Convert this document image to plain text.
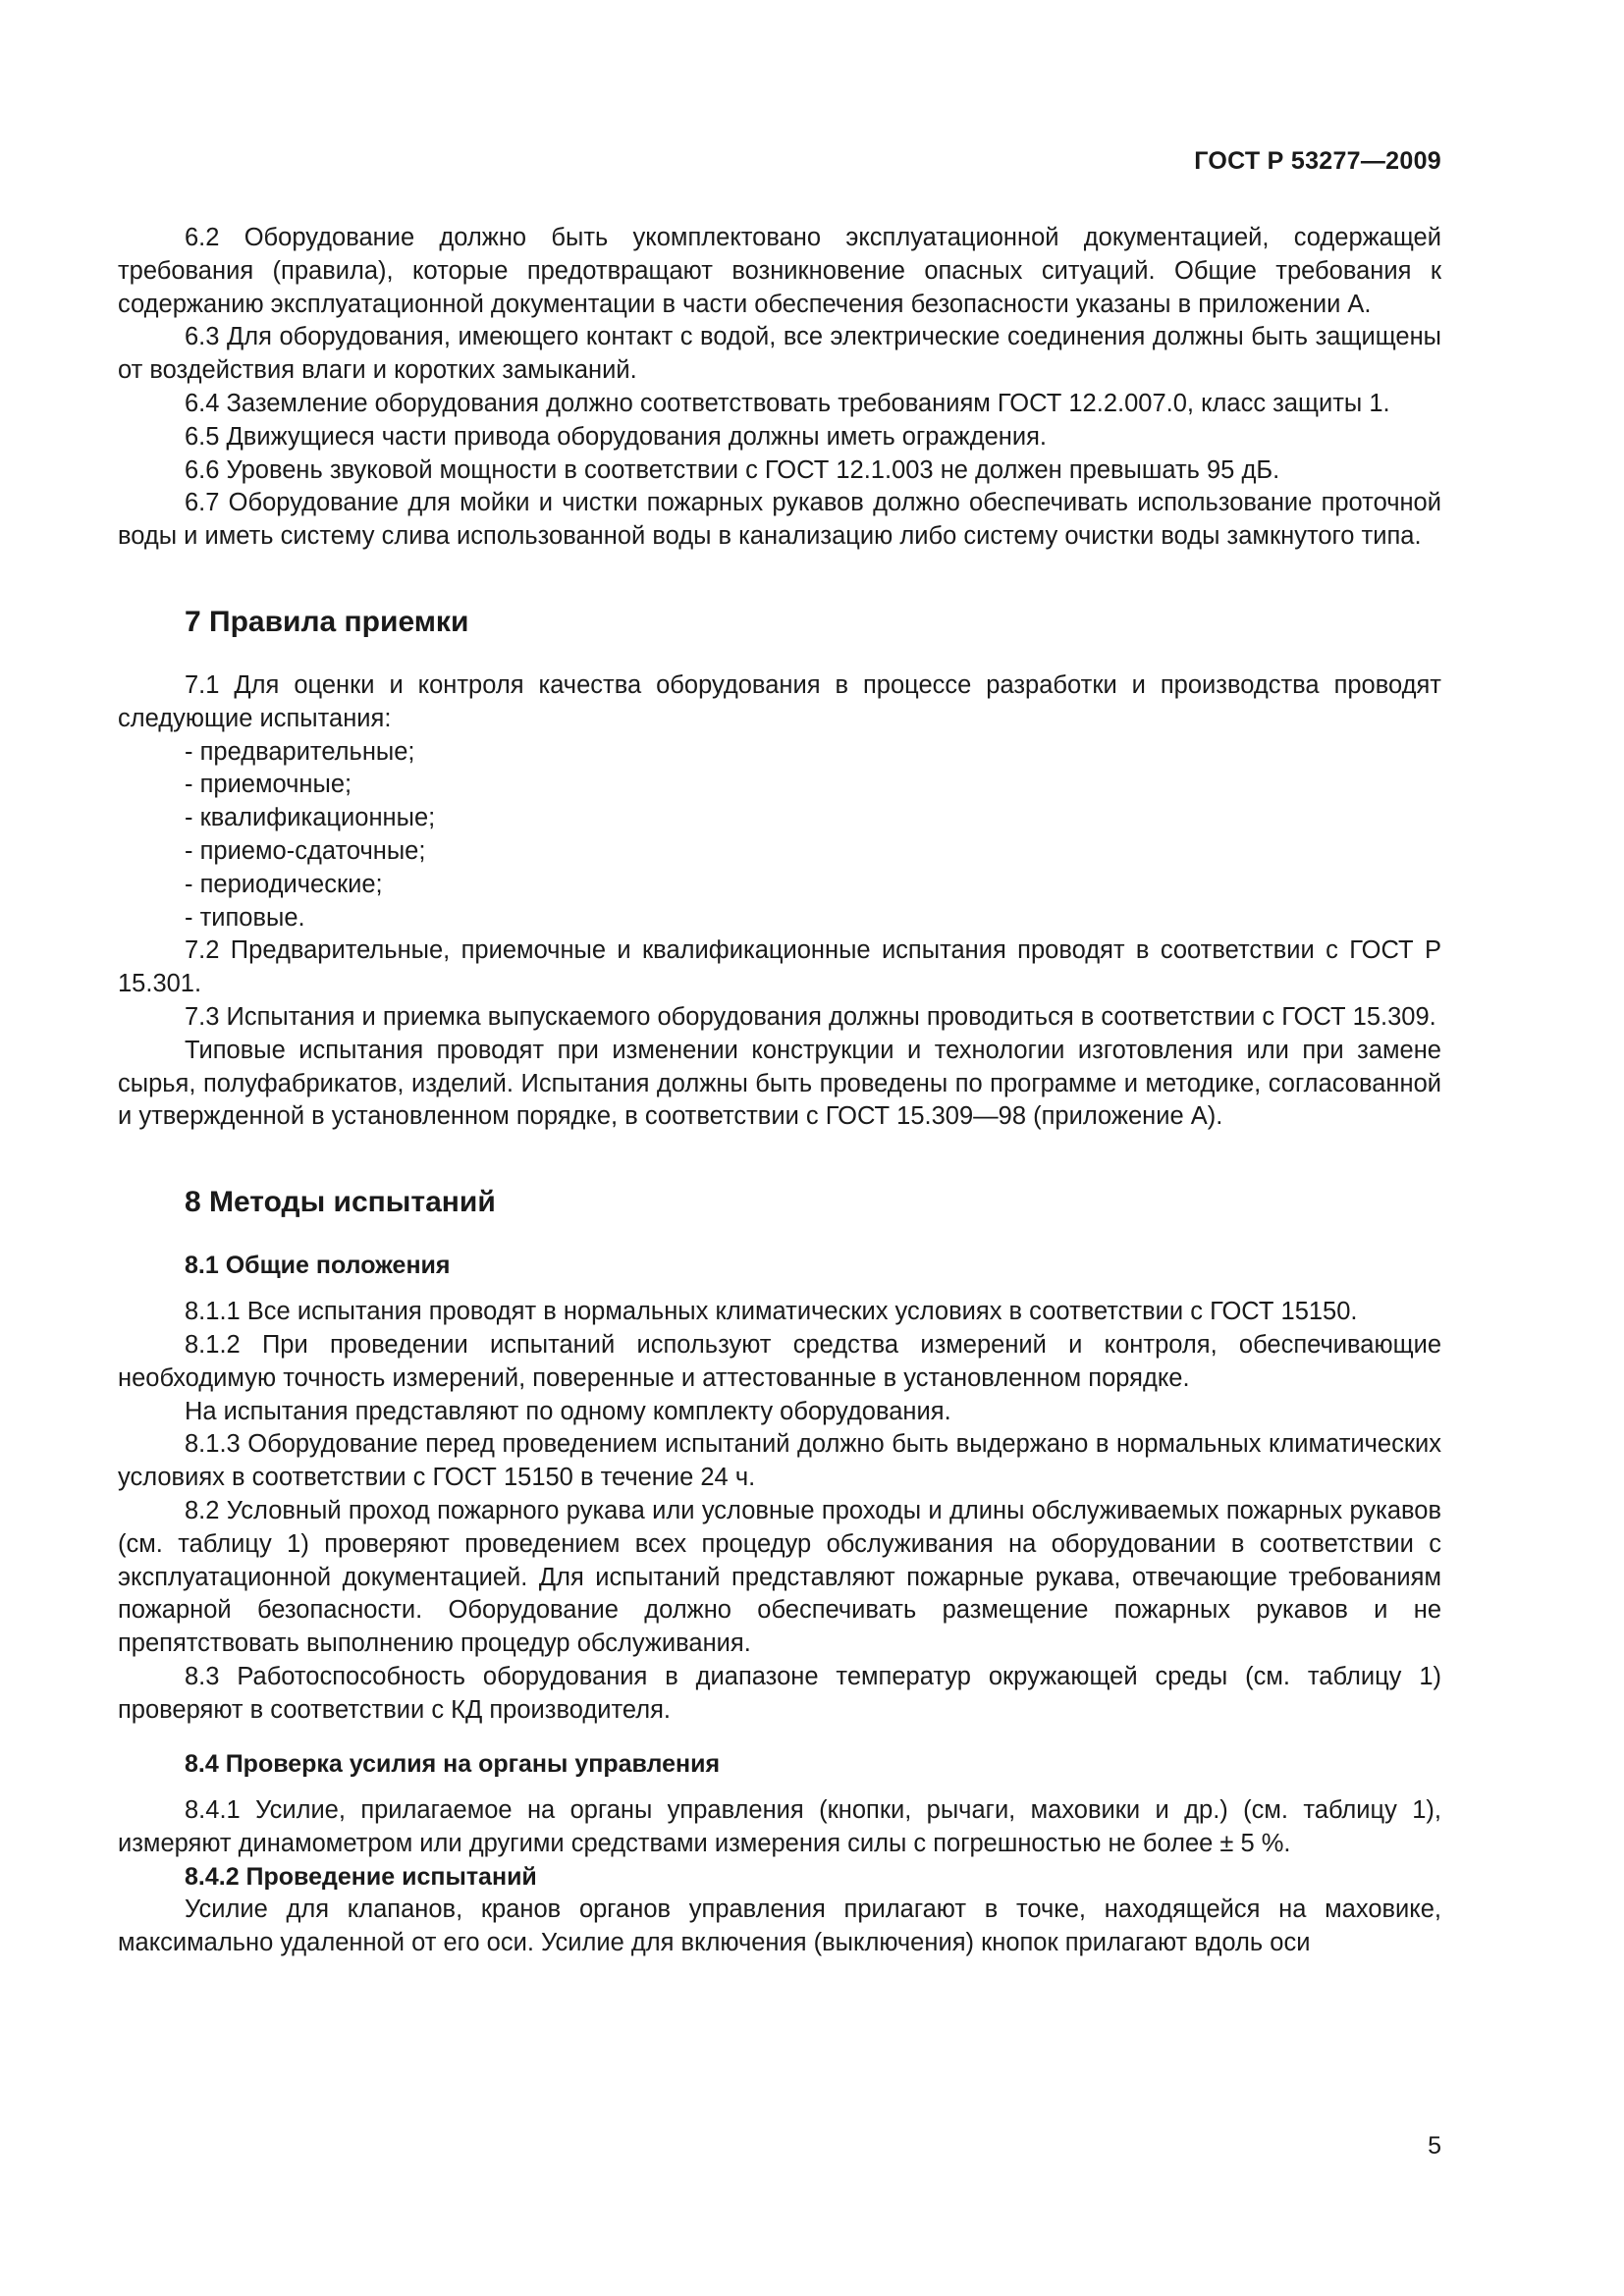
ГОСТ Р 53277—2009

6.2 Оборудование должно быть укомплектовано эксплуатационной документацией, содержащей требования (правила), которые предотвращают возникновение опасных ситуаций. Общие требования к содержанию эксплуатационной документации в части обеспечения безопасности указаны в приложении А.

6.3 Для оборудования, имеющего контакт с водой, все электрические соединения должны быть защищены от воздействия влаги и коротких замыканий.

6.4 Заземление оборудования должно соответствовать требованиям ГОСТ 12.2.007.0, класс защиты 1.

6.5 Движущиеся части привода оборудования должны иметь ограждения.

6.6 Уровень звуковой мощности в соответствии с ГОСТ 12.1.003 не должен превышать 95 дБ.

6.7 Оборудование для мойки и чистки пожарных рукавов должно обеспечивать использование проточной воды и иметь систему слива использованной воды в канализацию либо систему очистки воды замкнутого типа.

7 Правила приемки

7.1 Для оценки и контроля качества оборудования в процессе разработки и производства проводят следующие испытания:

- предварительные;

- приемочные;

- квалификационные;

- приемо-сдаточные;

- периодические;

- типовые.

7.2 Предварительные, приемочные и квалификационные испытания проводят в соответствии с ГОСТ Р 15.301.

7.3 Испытания и приемка выпускаемого оборудования должны проводиться в соответствии с ГОСТ 15.309.

Типовые испытания проводят при изменении конструкции и технологии изготовления или при замене сырья, полуфабрикатов, изделий. Испытания должны быть проведены по программе и методике, согласованной и утвержденной в установленном порядке, в соответствии с ГОСТ 15.309—98 (приложение А).

8 Методы испытаний
8.1 Общие положения

8.1.1 Все испытания проводят в нормальных климатических условиях в соответствии с ГОСТ 15150.

8.1.2 При проведении испытаний используют средства измерений и контроля, обеспечивающие необходимую точность измерений, поверенные и аттестованные в установленном порядке.

На испытания представляют по одному комплекту оборудования.

8.1.3 Оборудование перед проведением испытаний должно быть выдержано в нормальных климатических условиях в соответствии с ГОСТ 15150 в течение 24 ч.

8.2 Условный проход пожарного рукава или условные проходы и длины обслуживаемых пожарных рукавов (см. таблицу 1) проверяют проведением всех процедур обслуживания на оборудовании в соответствии с эксплуатационной документацией. Для испытаний представляют пожарные рукава, отвечающие требованиям пожарной безопасности. Оборудование должно обеспечивать размещение пожарных рукавов и не препятствовать выполнению процедур обслуживания.

8.3 Работоспособность оборудования в диапазоне температур окружающей среды (см. таблицу 1) проверяют в соответствии с КД производителя.

8.4 Проверка усилия на органы управления

8.4.1 Усилие, прилагаемое на органы управления (кнопки, рычаги, маховики и др.) (см. таблицу 1), измеряют динамометром или другими средствами измерения силы с погрешностью не более ± 5 %.

8.4.2 Проведение испытаний

Усилие для клапанов, кранов органов управления прилагают в точке, находящейся на маховике, максимально удаленной от его оси. Усилие для включения (выключения) кнопок прилагают вдоль оси

5
